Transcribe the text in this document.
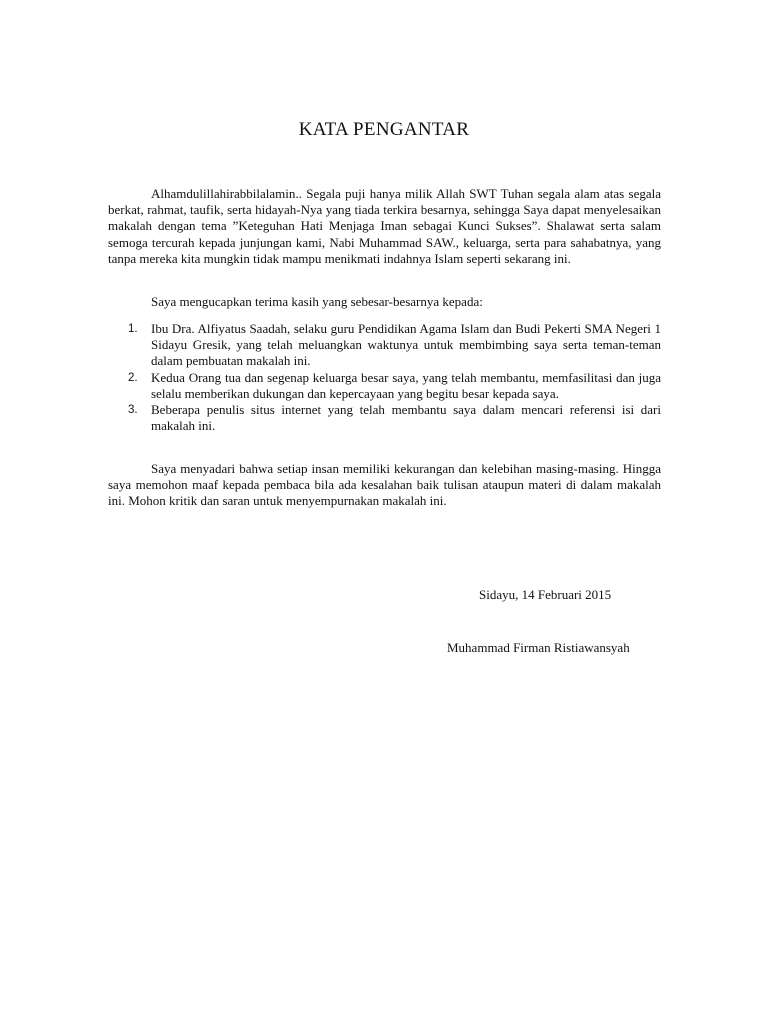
KATA PENGANTAR

Alhamdulillahirabbilalamin.. Segala puji hanya milik Allah SWT Tuhan segala alam atas segala berkat, rahmat, taufik, serta hidayah-Nya yang tiada terkira besarnya, sehingga Saya dapat menyelesaikan makalah dengan tema ”Keteguhan Hati Menjaga Iman sebagai Kunci Sukses”. Shalawat serta salam semoga tercurah kepada junjungan kami, Nabi Muhammad SAW., keluarga, serta para sahabatnya, yang tanpa mereka kita mungkin tidak mampu menikmati indahnya Islam seperti sekarang ini.

Saya mengucapkan terima kasih yang sebesar-besarnya kepada:

1. Ibu Dra. Alfiyatus Saadah, selaku guru Pendidikan Agama Islam dan Budi Pekerti SMA Negeri 1 Sidayu Gresik, yang telah meluangkan waktunya untuk membimbing saya serta teman-teman dalam pembuatan makalah ini.
2. Kedua Orang tua dan segenap keluarga besar saya, yang telah membantu, memfasilitasi dan juga selalu memberikan dukungan dan kepercayaan yang begitu besar kepada saya.
3. Beberapa penulis situs internet yang telah membantu saya dalam mencari referensi isi dari makalah ini.

Saya menyadari bahwa setiap insan memiliki kekurangan dan kelebihan masing-masing. Hingga saya memohon maaf kepada pembaca bila ada kesalahan baik tulisan ataupun materi di dalam makalah ini. Mohon kritik dan saran untuk menyempurnakan makalah ini.

Sidayu, 14 Februari 2015

Muhammad Firman Ristiawansyah
